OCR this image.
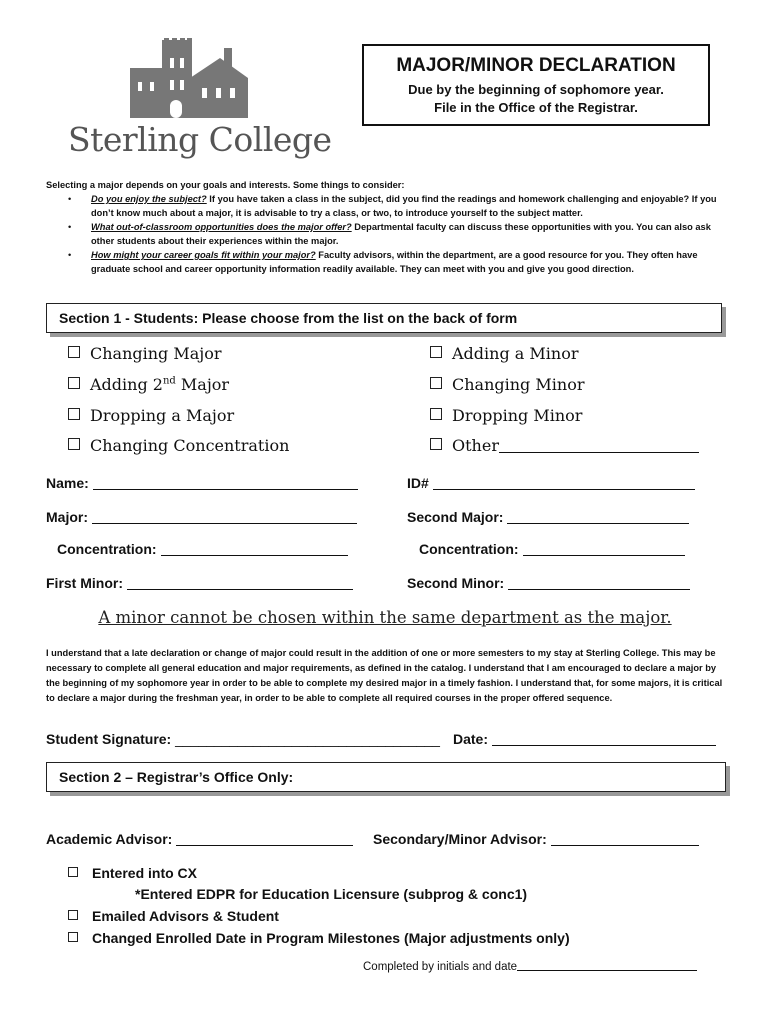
Sterling College
MAJOR/MINOR DECLARATION
Due by the beginning of sophomore year.
File in the Office of the Registrar.
Selecting a major depends on your goals and interests. Some things to consider:
• Do you enjoy the subject? If you have taken a class in the subject, did you find the readings and homework challenging and enjoyable? If you don’t know much about a major, it is advisable to try a class, or two, to introduce yourself to the subject matter.
• What out-of-classroom opportunities does the major offer? Departmental faculty can discuss these opportunities with you. You can also ask other students about their experiences within the major.
• How might your career goals fit within your major? Faculty advisors, within the department, are a good resource for you. They often have graduate school and career opportunity information readily available. They can meet with you and give you good direction.
Section 1 - Students: Please choose from the list on the back of form
Changing Major
Adding 2nd Major
Dropping a Major
Changing Concentration
Adding a Minor
Changing Minor
Dropping Minor
Other
Name:	ID#
Major:	Second Major:
Concentration:	Concentration:
First Minor:	Second Minor:
A minor cannot be chosen within the same department as the major.
I understand that a late declaration or change of major could result in the addition of one or more semesters to my stay at Sterling College. This may be necessary to complete all general education and major requirements, as defined in the catalog. I understand that I am encouraged to declare a major by the beginning of my sophomore year in order to be able to complete my desired major in a timely fashion. I understand that, for some majors, it is critical to declare a major during the freshman year, in order to be able to complete all required courses in the proper offered sequence.
Student Signature: __________________________________ Date:
Section 2 – Registrar’s Office Only:
Academic Advisor:	Secondary/Minor Advisor:
Entered into CX
*Entered EDPR for Education Licensure (subprog & conc1)
Emailed Advisors & Student
Changed Enrolled Date in Program Milestones (Major adjustments only)
Completed by initials and date
